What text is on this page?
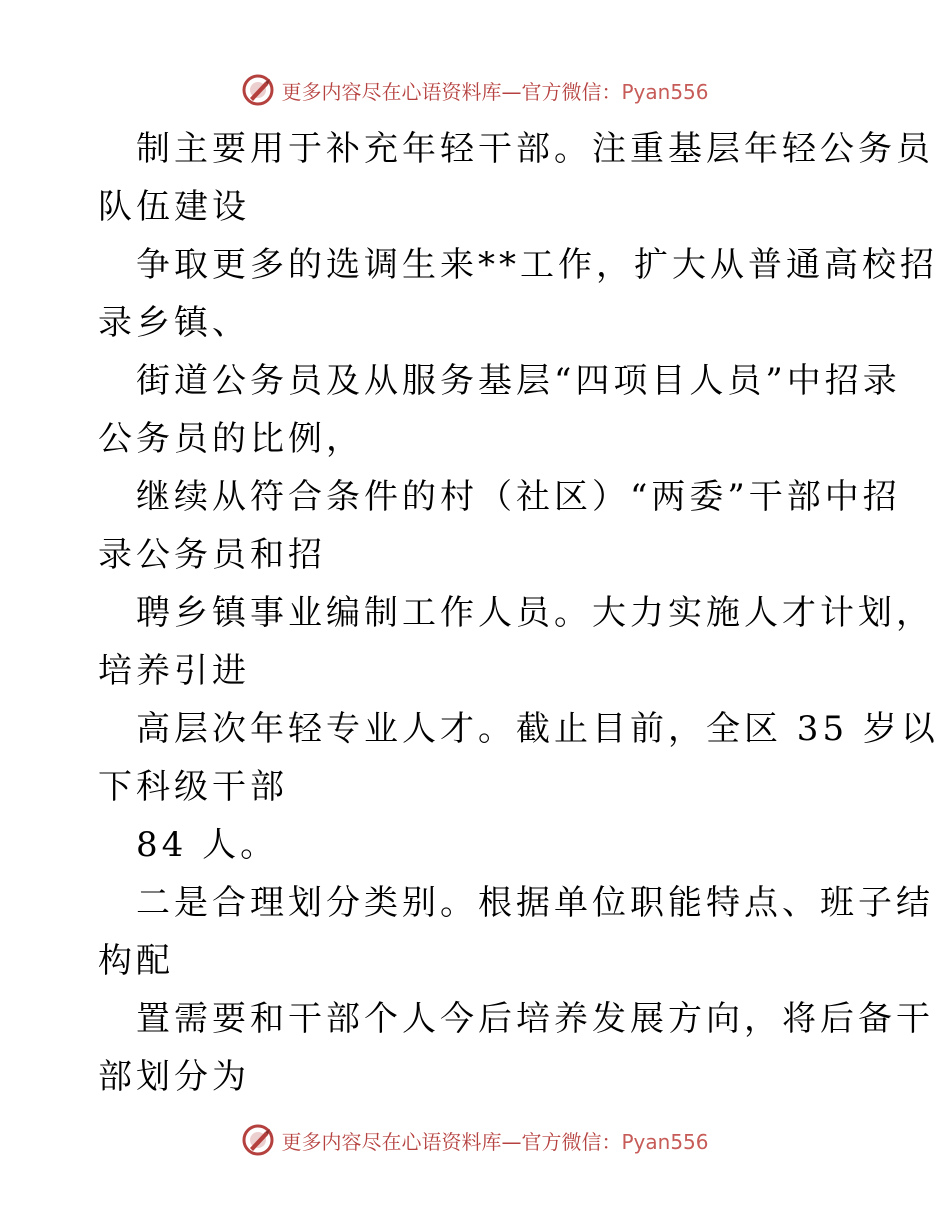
更多内容尽在心语资料库—官方微信：Pyan556

制主要用于补充年轻干部。注重基层年轻公务员
队伍建设

争取更多的选调生来**工作，扩大从普通高校招
录乡镇、

街道公务员及从服务基层“四项目人员”中招录
公务员的比例，

继续从符合条件的村（社区）“两委”干部中招
录公务员和招

聘乡镇事业编制工作人员。大力实施人才计划，
培养引进

高层次年轻专业人才。截止目前，全区 35 岁以
下科级干部

84 人。

二是合理划分类别。根据单位职能特点、班子结
构配

置需要和干部个人今后培养发展方向，将后备干
部划分为

更多内容尽在心语资料库—官方微信：Pyan556
